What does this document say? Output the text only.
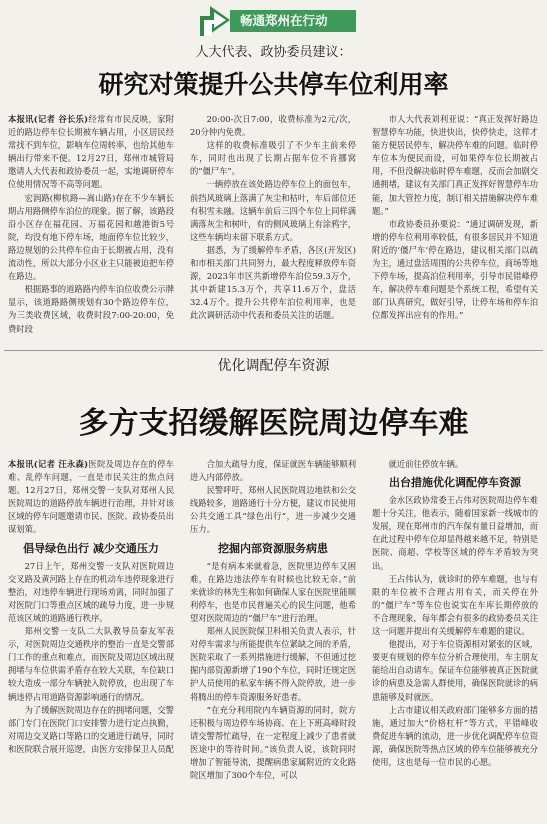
畅通郑州在行动
人大代表、政协委员建议：
研究对策提升公共停车位利用率

本报讯(记者 谷长乐)经常有市民反映，家附近的路边停车位长期被车辆占用，小区居民经常找不到车位，影响车位周转率，也给其他车辆出行带来不便。12月27日，郑州市城管局邀请人大代表和政协委员一起，实地调研停车位使用情况等不高等问题。

宏润路(柳杭路—嵩山路)存在不少车辆长期占用路侧停车泊位的现象。据了解，该路段沿小区存在福花园、万福花园和越港街5号院，均没有地下停车场，地面停车位比较少，路边规划的公共停车位由于长期被占用，没有流动性，所以大部分小区业主只能被迫把车停在路边。

根据路事的道路路内停车泊位收费公示牌显示，该道路路侧规划有30个路边停车位，为三类收费区域，收费时段7:00-20:00，免费时段

20:00-次日7:00，收费标准为2元/次，20分钟内免费。

这样的收费标准吸引了不少车主前来停车，同时也出现了长期占据车位不肯挪窝的“僵尸车”。

一辆停放在该处路边停车位上的面包车，前挡风玻璃上落满了灰尘和枯叶，车后部位还有积雪未融。这辆车前后三四个车位上同样满满落灰尘和树叶，有的侧风玻璃上有涂鸦字，这些车辆均未留下联系方式。

据悉，为了缓解停车矛盾，各区(开发区)和市相关部门共同努力，最大程度释放停车资源，2023年市区共新增停车泊位59.3万个，其中新建15.3万个，共享11.6万个，盘活32.4万个。提升公共停车泊位利用率，也是此次调研活动中代表和委员关注的话题。

市人大代表刘利亚说：“真正发挥好路边智慧停车功能，快进快出，快停快走，这样才能方便居民停车，解决停车难的问题。临时停车位本为便民而设，可如果停车位长期被占用，不但没解决临时停车难题，反而会加剧交通拥堵，建议有关部门真正发挥好智慧停车功能，加大管控力度，制订相关措施解决停车难题。”

市政协委员孙栗说：“通过调研发现，新增的停车位利用率较低，有很多居民并不知道附近的‘僵尸车’停在路边，建议相关部门以疏为主，通过盘活周围的公共停车位，商场等地下停车场，提高泊位利用率，引导市民错峰停车，解决停车难问题是个系统工程，希望有关部门认真研究，做好引导，让停车场和停车泊位都发挥出应有的作用。”

优化调配停车资源
多方支招缓解医院周边停车难

本报讯(记者 汪永森)医院及周边存在的停车难、乱停车问题，一直是市民关注的焦点问题。12月27日，郑州交警一支队对郑州人民医院周边的道路停放车辆进行治理，并针对该区域的停车问题邀请市民、医院、政协委员出谋划策。

倡导绿色出行 减少交通压力

27日上午，郑州交警一支队对医院周边交叉路及黄河路上存在的机动车违停现象进行整治，对违停车辆进行现场劝离，同时加强了对医院门口等重点区域的疏导力度，进一步规范该区域的道路通行秩序。

郑州交警一支队二大队教导员秦友军表示，对医院周边交通秩序的整治一直是交警部门工作的重点和难点，而医院及周边区域出现拥堵与车位供需矛盾存在较大关联，车位缺口较大造成一部分车辆驶入院停放，也出现了车辆违停占用道路资源影响通行的情况。

为了缓解医院周边存在的拥堵问题，交警部门专门在医院门口安排警力进行定点执勤，对周边交叉路口等路口的交通进行疏导，同时和医院联合展开巡逻，由医方安排保卫人员配

合加大疏导力度，保证就医车辆能够顺利进入内部停放。

民警呼吁，郑州人民医院周边地铁和公交线路较多，道路通行十分方便，建议市民使用公共交通工具“绿色出行”，进一步减少交通压力。

挖掘内部资源服务病患

“是有病本来就着急，医院里边停车又困难，在路边违法停车有时候也比较无奈。”前来就诊的林先生称如何确保人家在医院里能顺利停车，也是市民普遍关心的民生问题，他希望对医院周边的“僵尸车”进行治理。

郑州人民医院保卫科相关负责人表示，针对停车需求与所能提供车位紧缺之间的矛盾，医院采取了一系列措施进行缓解，不但通过挖掘内部资源新增了190个车位，同时还规定医护人员使用的私家车辆不得入院停放，进一步将腾出的停车资源服务好患者。

“在充分利用院内车辆资源的同时，院方还积极与周边停车场协商、在上下班高峰时段请交警帮忙疏导，在一定程度上减少了患者就医途中的等待时间。”该负责人说，该院同时增加了智能导流，提醒病患家属附近的文化路院区增加了300个车位，可以

就近前往停放车辆。

出台措施优化调配停车资源

金水区政协常委王占伟对医院周边停车难题十分关注，他表示，随着国家新一线城市的发展，现在郑州市的汽车保有量日益增加，而在此过程中停车位却显得越来越不足，特别是医院、商超、学校等区域的停车矛盾较为突出。

王占伟认为，就诊时的停车难题，也与有限的车位被不合理占用有关，而关停在外的“僵尸车”等车位也说实在车库长期停放的不合理现象，每年都会有很多的政协委员关注这一问题并提出有关缓解停车难题的建议。

他提出，对于车位资源相对紧张的区域，要更有规划的停车位分析合理使用，车主朋友能给出自动请车。保证车位能够被真正医院就诊的病患及急需人群使用，确保医院就诊的病患能够及时就医。

上古市建议相关政府部门能够多方面的措施，通过加大“价格杠杆”等方式，平错峰收费促进车辆的流动，进一步优化调配停车位资源，确保医院等热点区域的停车位能够被充分使用，这也是每一位市民的心愿。
